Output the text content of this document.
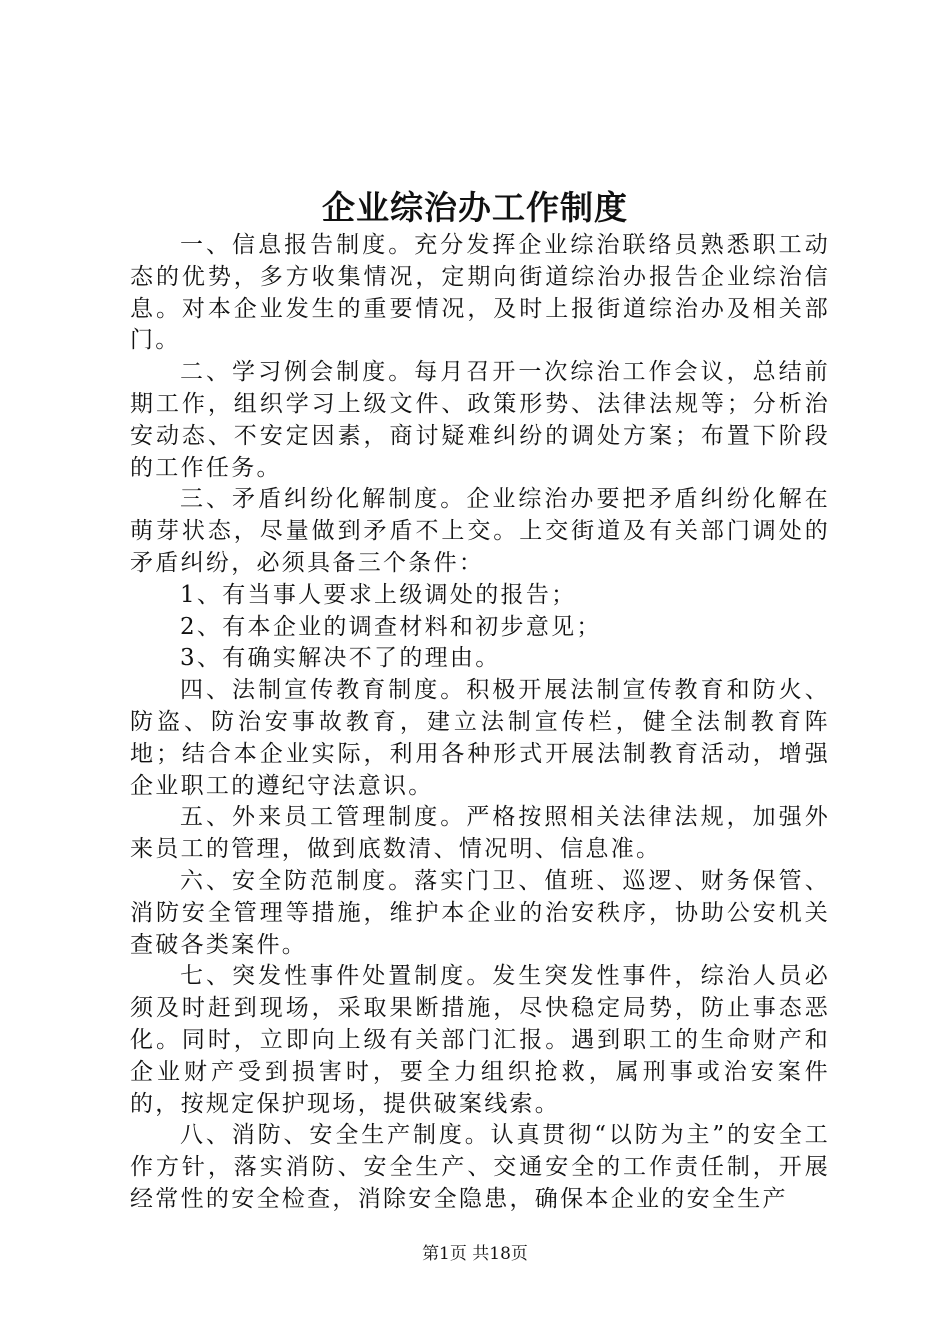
企业综治办工作制度

一、信息报告制度。充分发挥企业综治联络员熟悉职工动态的优势，多方收集情况，定期向街道综治办报告企业综治信息。对本企业发生的重要情况，及时上报街道综治办及相关部门。

二、学习例会制度。每月召开一次综治工作会议，总结前期工作，组织学习上级文件、政策形势、法律法规等；分析治安动态、不安定因素，商讨疑难纠纷的调处方案；布置下阶段的工作任务。

三、矛盾纠纷化解制度。企业综治办要把矛盾纠纷化解在萌芽状态，尽量做到矛盾不上交。上交街道及有关部门调处的矛盾纠纷，必须具备三个条件：

1、有当事人要求上级调处的报告；

2、有本企业的调查材料和初步意见；

3、有确实解决不了的理由。

四、法制宣传教育制度。积极开展法制宣传教育和防火、防盗、防治安事故教育，建立法制宣传栏，健全法制教育阵地；结合本企业实际，利用各种形式开展法制教育活动，增强企业职工的遵纪守法意识。

五、外来员工管理制度。严格按照相关法律法规，加强外来员工的管理，做到底数清、情况明、信息准。

六、安全防范制度。落实门卫、值班、巡逻、财务保管、消防安全管理等措施，维护本企业的治安秩序，协助公安机关查破各类案件。

七、突发性事件处置制度。发生突发性事件，综治人员必须及时赶到现场，采取果断措施，尽快稳定局势，防止事态恶化。同时，立即向上级有关部门汇报。遇到职工的生命财产和企业财产受到损害时，要全力组织抢救，属刑事或治安案件的，按规定保护现场，提供破案线索。

八、消防、安全生产制度。认真贯彻“以防为主”的安全工作方针，落实消防、安全生产、交通安全的工作责任制，开展经常性的安全检查，消除安全隐患，确保本企业的安全生产

第1页 共18页
